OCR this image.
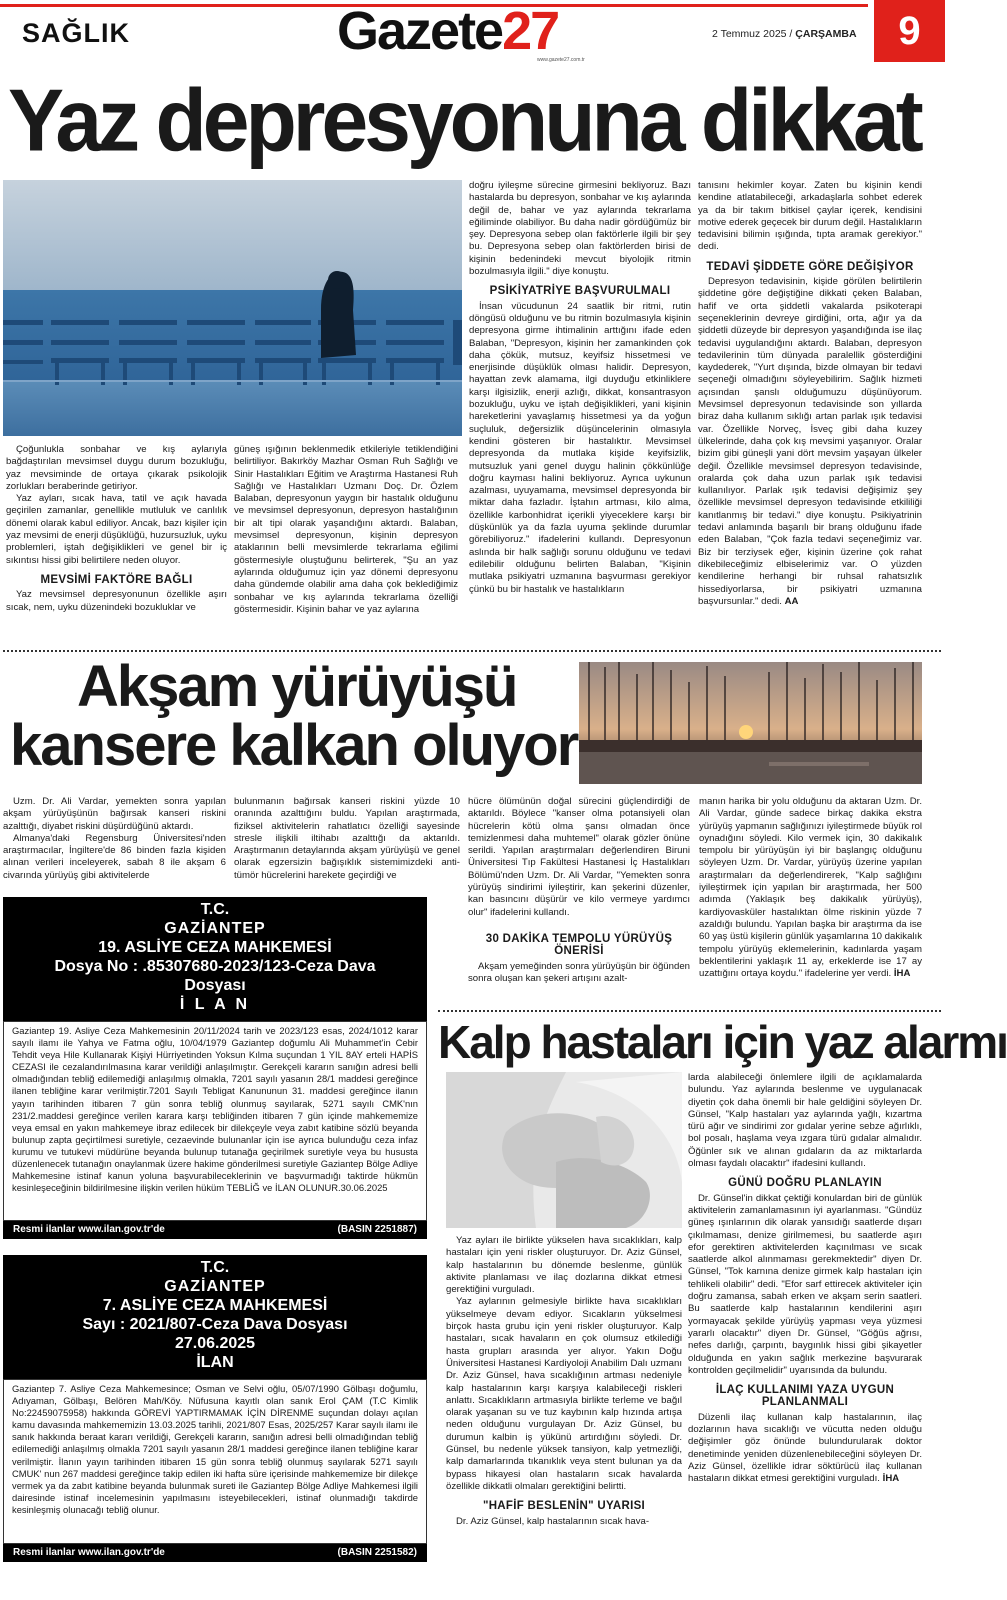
SAĞLIK	Gazete27
www.gazete27.com.tr
2 Temmuz 2025 / ÇARŞAMBA	9
Yaz depresyonuna dikkat

Çoğunlukla sonbahar ve kış aylarıyla bağdaştırılan mevsimsel duygu durum bozukluğu, yaz mevsiminde de ortaya çıkarak psikolojik zorlukları beraberinde getiriyor.

Yaz ayları, sıcak hava, tatil ve açık havada geçirilen zamanlar, genellikle mutluluk ve canlılık dönemi olarak kabul ediliyor. Ancak, bazı kişiler için yaz mevsimi de enerji düşüklüğü, huzursuzluk, uyku problemleri, iştah değişiklikleri ve genel bir iç sıkıntısı hissi gibi belirtilere neden oluyor.

MEVSİMİ FAKTÖRE BAĞLI

Yaz mevsimsel depresyonunun özellikle aşırı sıcak, nem, uyku düzenindeki bozukluklar ve

güneş ışığının beklenmedik etkileriyle tetiklendiğini belirtiliyor. Bakırköy Mazhar Osman Ruh Sağlığı ve Sinir Hastalıkları Eğitim ve Araştırma Hastanesi Ruh Sağlığı ve Hastalıkları Uzmanı Doç. Dr. Özlem Balaban, depresyonun yaygın bir hastalık olduğunu ve mevsimsel depresyonun, depresyon hastalığının bir alt tipi olarak yaşandığını aktardı. Balaban, mevsimsel depresyonun, kişinin depresyon ataklarının belli mevsimlerde tekrarlama eğilimi göstermesiyle oluştuğunu belirterek, "Şu an yaz aylarında olduğumuz için yaz dönemi depresyonu daha gündemde olabilir ama daha çok beklediğimiz sonbahar ve kış aylarında tekrarlama özelliği göstermesidir. Kişinin bahar ve yaz aylarına

doğru iyileşme sürecine girmesini bekliyoruz. Bazı hastalarda bu depresyon, sonbahar ve kış aylarında değil de, bahar ve yaz aylarında tekrarlama eğiliminde olabiliyor. Bu daha nadir gördüğümüz bir şey. Depresyona sebep olan faktörlerle ilgili bir şey bu. Depresyona sebep olan faktörlerden birisi de kişinin bedenindeki mevcut biyolojik ritmin bozulmasıyla ilgili." diye konuştu.

PSİKİYATRİYE BAŞVURULMALI

İnsan vücudunun 24 saatlik bir ritmi, rutin döngüsü olduğunu ve bu ritmin bozulmasıyla kişinin depresyona girme ihtimalinin arttığını ifade eden Balaban, "Depresyon, kişinin her zamankinden çok daha çökük, mutsuz, keyifsiz hissetmesi ve enerjisinde düşüklük olması halidir. Depresyon, hayattan zevk alamama, ilgi duyduğu etkinliklere karşı ilgisizlik, enerji azlığı, dikkat, konsantrasyon bozukluğu, uyku ve iştah değişiklikleri, yani kişinin hareketlerini yavaşlamış hissetmesi ya da yoğun suçluluk, değersizlik düşüncelerinin olmasıyla kendini gösteren bir hastalıktır. Mevsimsel depresyonda da mutlaka kişide keyifsizlik, mutsuzluk yani genel duygu halinin çökkünlüğe doğru kayması halini bekliyoruz. Ayrıca uykunun azalması, uyuyamama, mevsimsel depresyonda bir miktar daha fazladır. İştahın artması, kilo alma, özellikle karbonhidrat içerikli yiyeceklere karşı bir düşkünlük ya da fazla uyuma şeklinde durumlar görebiliyoruz." ifadelerini kullandı. Depresyonun aslında bir halk sağlığı sorunu olduğunu ve tedavi edilebilir olduğunu belirten Balaban, "Kişinin mutlaka psikiyatri uzmanına başvurması gerekiyor çünkü bu bir hastalık ve hastalıkların

tanısını hekimler koyar. Zaten bu kişinin kendi kendine atlatabileceği, arkadaşlarla sohbet ederek ya da bir takım bitkisel çaylar içerek, kendisini motive ederek geçecek bir durum değil. Hastalıkların tedavisini bilimin ışığında, tıpta aramak gerekiyor." dedi.

TEDAVİ ŞİDDETE GÖRE DEĞİŞİYOR

Depresyon tedavisinin, kişide görülen belirtilerin şiddetine göre değiştiğine dikkati çeken Balaban, hafif ve orta şiddetli vakalarda psikoterapi seçeneklerinin devreye girdiğini, orta, ağır ya da şiddetli düzeyde bir depresyon yaşandığında ise ilaç tedavisi uygulandığını aktardı. Balaban, depresyon tedavilerinin tüm dünyada paralellik gösterdiğini kaydederek, "Yurt dışında, bizde olmayan bir tedavi seçeneği olmadığını söyleyebilirim. Sağlık hizmeti açısından şanslı olduğumuzu düşünüyorum. Mevsimsel depresyonun tedavisinde son yıllarda biraz daha kullanım sıklığı artan parlak ışık tedavisi var. Özellikle Norveç, İsveç gibi daha kuzey ülkelerinde, daha çok kış mevsimi yaşanıyor. Oralar bizim gibi güneşli yani dört mevsim yaşayan ülkeler değil. Özellikle mevsimsel depresyon tedavisinde, oralarda çok daha uzun parlak ışık tedavisi kullanılıyor. Parlak ışık tedavisi değişimiz şey özellikle mevsimsel depresyon tedavisinde etkililiği kanıtlanmış bir tedavi." diye konuştu. Psikiyatrinin tedavi anlamında başarılı bir branş olduğunu ifade eden Balaban, "Çok fazla tedavi seçeneğimiz var. Biz bir terziysek eğer, kişinin üzerine çok rahat dikebileceğimiz elbiselerimiz var. O yüzden kendilerine herhangi bir ruhsal rahatsızlık hissediyorlarsa, bir psikiyatri uzmanına başvursunlar." dedi. AA

Akşam yürüyüşü
kansere kalkan oluyor

Uzm. Dr. Ali Vardar, yemekten sonra yapılan akşam yürüyüşünün bağırsak kanseri riskini azalttığı, diyabet riskini düşürdüğünü aktardı.

Almanya'daki Regensburg Üniversitesi'nden araştırmacılar, İngiltere'de 86 binden fazla kişiden alınan verileri inceleyerek, sabah 8 ile akşam 6 civarında yürüyüş gibi aktivitelerde

bulunmanın bağırsak kanseri riskini yüzde 10 oranında azalttığını buldu. Yapılan araştırmada, fiziksel aktivitelerin rahatlatıcı özelliği sayesinde stresle ilişkili iltihabı azalttığı da aktarıldı. Araştırmanın detaylarında akşam yürüyüşü ve genel olarak egzersizin bağışıklık sistemimizdeki anti-tümör hücrelerini harekete geçirdiği ve

hücre ölümünün doğal sürecini güçlendirdiği de aktarıldı. Böylece "kanser olma potansiyeli olan hücrelerin kötü olma şansı olmadan önce temizlenmesi daha muhtemel" olarak gözler önüne serildi. Yapılan araştırmaları değerlendiren Biruni Üniversitesi Tıp Fakültesi Hastanesi İç Hastalıkları Bölümü'nden Uzm. Dr. Ali Vardar, "Yemekten sonra yürüyüş sindirimi iyileştirir, kan şekerini düzenler, kan basıncını düşürür ve kilo vermeye yardımcı olur" ifadelerini kullandı.

30 DAKİKA TEMPOLU YÜRÜYÜŞ ÖNERİSİ

Akşam yemeğinden sonra yürüyüşün bir öğünden sonra oluşan kan şekeri artışını azalt-

manın harika bir yolu olduğunu da aktaran Uzm. Dr. Ali Vardar, günde sadece birkaç dakika ekstra yürüyüş yapmanın sağlığınızı iyileştirmede büyük rol oynadığını söyledi. Kilo vermek için, 30 dakikalık tempolu bir yürüyüşün iyi bir başlangıç olduğunu söyleyen Uzm. Dr. Vardar, yürüyüş üzerine yapılan araştırmaları da değerlendirerek, "Kalp sağlığını iyileştirmek için yapılan bir araştırmada, her 500 adımda (Yaklaşık beş dakikalık yürüyüş), kardiyovasküler hastalıktan ölme riskinin yüzde 7 azaldığı bulundu. Yapılan başka bir araştırma da ise 60 yaş üstü kişilerin günlük yaşamlarına 10 dakikalık tempolu yürüyüş eklemelerinin, kadınlarda yaşam beklentilerini yaklaşık 11 ay, erkeklerde ise 17 ay uzattığını ortaya koydu." ifadelerine yer verdi. İHA

T.C.
GAZİANTEP
19. ASLİYE CEZA MAHKEMESİ
Dosya No : .85307680-2023/123-Ceza Dava
Dosyası
İ L A N
Gaziantep 19. Asliye Ceza Mahkemesinin 20/11/2024 tarih ve 2023/123 esas, 2024/1012 karar sayılı ilamı ile Yahya ve Fatma oğlu, 10/04/1979 Gaziantep doğumlu Ali Muhammet'in Cebir Tehdit veya Hile Kullanarak Kişiyi Hürriyetinden Yoksun Kılma suçundan 1 YIL 8AY erteli HAPİS CEZASI ile cezalandırılmasına karar verildiği anlaşılmıştır. Gerekçeli kararın sanığın adresi belli olmadığından tebliğ edilemediği anlaşılmış olmakla, 7201 sayılı yasanın 28/1 maddesi gereğince ilanen tebliğine karar verilmiştir.7201 Sayılı Tebligat Kanununun 31. maddesi gereğince ilanın yayın tarihinden itibaren 7 gün sonra tebliğ olunmuş sayılarak, 5271 sayılı CMK'nın 231/2.maddesi gereğince verilen karara karşı tebliğinden itibaren 7 gün içinde mahkememize veya emsal en yakın mahkemeye ibraz edilecek bir dilekçeyle veya zabıt katibine sözlü beyanda bulunup zapta geçirtilmesi suretiyle, cezaevinde bulunanlar için ise ayrıca bulunduğu ceza infaz kurumu ve tutukevi müdürüne beyanda bulunup tutanağa geçirilmek suretiyle veya bu hususta düzenlenecek tutanağın onaylanmak üzere hakime gönderilmesi suretiyle Gaziantep Bölge Adliye Mahkemesine istinaf kanun yoluna başvurabileceklerinin ve başvurmadığı taktirde hükmün kesinleşeceğinin bildirilmesine ilişkin verilen hüküm TEBLİĞ ve İLAN OLUNUR.30.06.2025
Resmi ilanlar www.ilan.gov.tr'de	(BASIN 2251887)
T.C.
GAZİANTEP
7. ASLİYE CEZA MAHKEMESİ
Sayı : 2021/807-Ceza Dava Dosyası
27.06.2025
İLAN
Gaziantep 7. Asliye Ceza Mahkemesince; Osman ve Selvi oğlu, 05/07/1990 Gölbaşı doğumlu, Adıyaman, Gölbaşı, Belören Mah/Köy. Nüfusuna kayıtlı olan sanık Erol ÇAM (T.C Kimlik No:22459075958) hakkında GÖREVİ YAPTIRMAMAK İÇİN DİRENME suçundan dolayı açılan kamu davasında mahkememizin 13.03.2025 tarihli, 2021/807 Esas, 2025/257 Karar sayılı ilamı ile sanık hakkında beraat kararı verildiği, Gerekçeli kararın, sanığın adresi belli olmadığından tebliğ edilemediği anlaşılmış olmakla 7201 sayılı yasanın 28/1 maddesi gereğince ilanen tebliğine karar verilmiştir. İlanın yayın tarihinden itibaren 15 gün sonra tebliğ olunmuş sayılarak 5271 sayılı CMUK' nun 267 maddesi gereğince takip edilen iki hafta süre içerisinde mahkememize bir dilekçe vermek ya da zabıt katibine beyanda bulunmak sureti ile Gaziantep Bölge Adliye Mahkemesi ilgili dairesinde istinaf incelemesinin yapılmasını isteyebilecekleri, istinaf olunmadığı takdirde kesinleşmiş olunacağı tebliğ olunur.
Resmi ilanlar www.ilan.gov.tr'de	(BASIN 2251582)
Kalp hastaları için yaz alarmı

Yaz ayları ile birlikte yükselen hava sıcaklıkları, kalp hastaları için yeni riskler oluşturuyor. Dr. Aziz Günsel, kalp hastalarının bu dönemde beslenme, günlük aktivite planlaması ve ilaç dozlarına dikkat etmesi gerektiğini vurguladı.

Yaz aylarının gelmesiyle birlikte hava sıcaklıkları yükselmeye devam ediyor. Sıcakların yükselmesi birçok hasta grubu için yeni riskler oluşturuyor. Kalp hastaları, sıcak havaların en çok olumsuz etkilediği hasta grupları arasında yer alıyor. Yakın Doğu Üniversitesi Hastanesi Kardiyoloji Anabilim Dalı uzmanı Dr. Aziz Günsel, hava sıcaklığının artması nedeniyle kalp hastalarının karşı karşıya kalabileceği riskleri anlattı. Sıcaklıkların artmasıyla birlikte terleme ve bağıl olarak yaşanan su ve tuz kaybının kalp hızında artışa neden olduğunu vurgulayan Dr. Aziz Günsel, bu durumun kalbin iş yükünü artırdığını söyledi. Dr. Günsel, bu nedenle yüksek tansiyon, kalp yetmezliği, kalp damarlarında tıkanıklık veya stent bulunan ya da bypass hikayesi olan hastaların sıcak havalarda özellikle dikkatli olmaları gerektiğini belirtti.

"HAFİF BESLENİN" UYARISI

Dr. Aziz Günsel, kalp hastalarının sıcak hava-

larda alabileceği önlemlere ilgili de açıklamalarda bulundu. Yaz aylarında beslenme ve uygulanacak diyetin çok daha önemli bir hale geldiğini söyleyen Dr. Günsel, "Kalp hastaları yaz aylarında yağlı, kızartma türü ağır ve sindirimi zor gıdalar yerine sebze ağırlıklı, bol posalı, haşlama veya ızgara türü gıdalar almalıdır. Öğünler sık ve alınan gıdaların da az miktarlarda olması faydalı olacaktır" ifadesini kullandı.

GÜNÜ DOĞRU PLANLAYIN

Dr. Günsel'in dikkat çektiği konulardan biri de günlük aktivitelerin zamanlamasının iyi ayarlanması. "Gündüz güneş ışınlarının dik olarak yansıdığı saatlerde dışarı çıkılmaması, denize girilmemesi, bu saatlerde aşırı efor gerektiren aktivitelerden kaçınılması ve sıcak saatlerde alkol alınmaması gerekmektedir" diyen Dr. Günsel, "Tok karnına denize girmek kalp hastaları için tehlikeli olabilir" dedi. "Efor sarf ettirecek aktiviteler için doğru zamansa, sabah erken ve akşam serin saatleri. Bu saatlerde kalp hastalarının kendilerini aşırı yormayacak şekilde yürüyüş yapması veya yüzmesi yararlı olacaktır" diyen Dr. Günsel, "Göğüs ağrısı, nefes darlığı, çarpıntı, baygınlık hissi gibi şikayetler olduğunda en yakın sağlık merkezine başvurarak kontrolden geçilmelidir" uyarısında da bulundu.

İLAÇ KULLANIMI YAZA UYGUN PLANLANMALI

Düzenli ilaç kullanan kalp hastalarının, ilaç dozlarının hava sıcaklığı ve vücutta neden olduğu değişimler göz önünde bulundurularak doktor denetiminde yeniden düzenlenebileceğini söyleyen Dr. Aziz Günsel, özellikle idrar söktürücü ilaç kullanan hastaların dikkat etmesi gerektiğini vurguladı. İHA
